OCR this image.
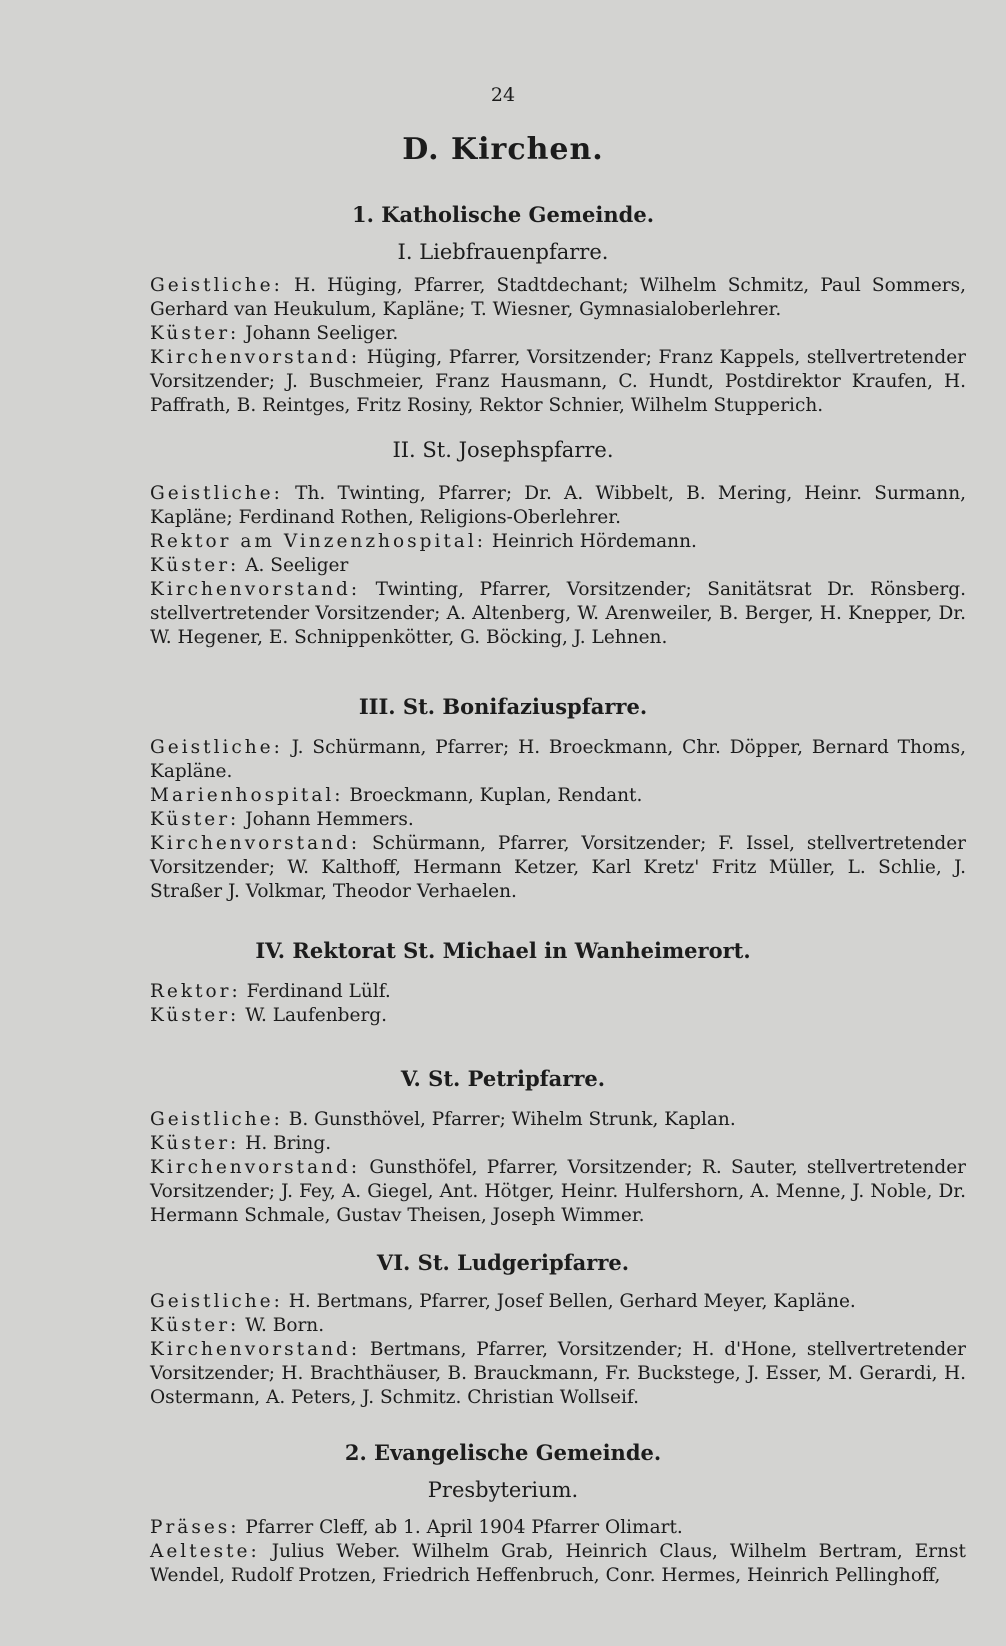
24
D. Kirchen.
1. Katholische Gemeinde.
I. Liebfrauenpfarre.
Geistliche: H. Hüging, Pfarrer, Stadtdechant; Wilhelm Schmitz, Paul Sommers, Gerhard van Heukulum, Kapläne; T. Wiesner, Gymnasialoberlehrer.
Küster: Johann Seeliger.
Kirchenvorstand: Hüging, Pfarrer, Vorsitzender; Franz Kappels, stellvertretender Vorsitzender; J. Buschmeier, Franz Hausmann, C. Hundt, Postdirektor Kraufen, H. Paffrath, B. Reintges, Fritz Rosiny, Rektor Schnier, Wilhelm Stupperich.
II. St. Josephspfarre.
Geistliche: Th. Twinting, Pfarrer; Dr. A. Wibbelt, B. Mering, Heinr. Surmann, Kapläne; Ferdinand Rothen, Religions-Oberlehrer.
Rektor am Vinzenzhospital: Heinrich Hördemann.
Küster: A. Seeliger
Kirchenvorstand: Twinting, Pfarrer, Vorsitzender; Sanitätsrat Dr. Rönsberg. stellvertretender Vorsitzender; A. Altenberg, W. Arenweiler, B. Berger, H. Knepper, Dr. W. Hegener, E. Schnippenkötter, G. Böcking, J. Lehnen.
III. St. Bonifaziuspfarre.
Geistliche: J. Schürmann, Pfarrer; H. Broeckmann, Chr. Döpper, Bernard Thoms, Kapläne.
Marienhospital: Broeckmann, Kuplan, Rendant.
Küster: Johann Hemmers.
Kirchenvorstand: Schürmann, Pfarrer, Vorsitzender; F. Issel, stellvertretender Vorsitzender; W. Kalthoff, Hermann Ketzer, Karl Kretz' Fritz Müller, L. Schlie, J. Straßer J. Volkmar, Theodor Verhaelen.
IV. Rektorat St. Michael in Wanheimerort.
Rektor: Ferdinand Lülf.
Küster: W. Laufenberg.
V. St. Petripfarre.
Geistliche: B. Gunsthövel, Pfarrer; Wihelm Strunk, Kaplan.
Küster: H. Bring.
Kirchenvorstand: Gunsthöfel, Pfarrer, Vorsitzender; R. Sauter, stellvertretender Vorsitzender; J. Fey, A. Giegel, Ant. Hötger, Heinr. Hulfershorn, A. Menne, J. Noble, Dr. Hermann Schmale, Gustav Theisen, Joseph Wimmer.
VI. St. Ludgeripfarre.
Geistliche: H. Bertmans, Pfarrer, Josef Bellen, Gerhard Meyer, Kapläne.
Küster: W. Born.
Kirchenvorstand: Bertmans, Pfarrer, Vorsitzender; H. d'Hone, stellvertretender Vorsitzender; H. Brachthäuser, B. Brauckmann, Fr. Buckstege, J. Esser, M. Gerardi, H. Ostermann, A. Peters, J. Schmitz. Christian Wollseif.
2. Evangelische Gemeinde.
Presbyterium.
Präses: Pfarrer Cleff, ab 1. April 1904 Pfarrer Olimart.
Aelteste: Julius Weber. Wilhelm Grab, Heinrich Claus, Wilhelm Bertram, Ernst Wendel, Rudolf Protzen, Friedrich Heffenbruch, Conr. Hermes, Heinrich Pellinghoff,
